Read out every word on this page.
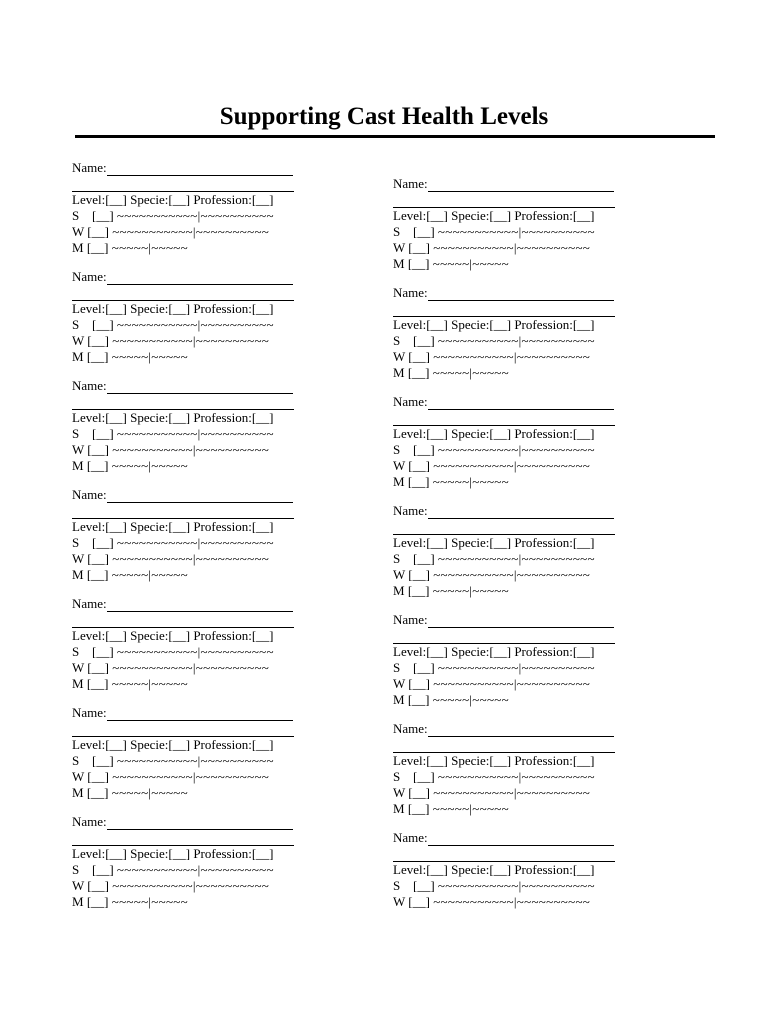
Supporting Cast Health Levels
Name:
Level:[__] Specie:[__] Profession:[__]
S [__] ~~~~~~~~~~~|~~~~~~~~~~
W [__] ~~~~~~~~~~~|~~~~~~~~~~
M [__] ~~~~~|~~~~~
Name:
Level:[__] Specie:[__] Profession:[__]
S [__] ~~~~~~~~~~~|~~~~~~~~~~
W [__] ~~~~~~~~~~~|~~~~~~~~~~
M [__] ~~~~~|~~~~~
Name:
Level:[__] Specie:[__] Profession:[__]
S [__] ~~~~~~~~~~~|~~~~~~~~~~
W [__] ~~~~~~~~~~~|~~~~~~~~~~
M [__] ~~~~~|~~~~~
Name:
Level:[__] Specie:[__] Profession:[__]
S [__] ~~~~~~~~~~~|~~~~~~~~~~
W [__] ~~~~~~~~~~~|~~~~~~~~~~
M [__] ~~~~~|~~~~~
Name:
Level:[__] Specie:[__] Profession:[__]
S [__] ~~~~~~~~~~~|~~~~~~~~~~
W [__] ~~~~~~~~~~~|~~~~~~~~~~
M [__] ~~~~~|~~~~~
Name:
Level:[__] Specie:[__] Profession:[__]
S [__] ~~~~~~~~~~~|~~~~~~~~~~
W [__] ~~~~~~~~~~~|~~~~~~~~~~
M [__] ~~~~~|~~~~~
Name:
Level:[__] Specie:[__] Profession:[__]
S [__] ~~~~~~~~~~~|~~~~~~~~~~
W [__] ~~~~~~~~~~~|~~~~~~~~~~
M [__] ~~~~~|~~~~~
Name:
Level:[__] Specie:[__] Profession:[__]
S [__] ~~~~~~~~~~~|~~~~~~~~~~
W [__] ~~~~~~~~~~~|~~~~~~~~~~
M [__] ~~~~~|~~~~~
Name:
Level:[__] Specie:[__] Profession:[__]
S [__] ~~~~~~~~~~~|~~~~~~~~~~
W [__] ~~~~~~~~~~~|~~~~~~~~~~
M [__] ~~~~~|~~~~~
Name:
Level:[__] Specie:[__] Profession:[__]
S [__] ~~~~~~~~~~~|~~~~~~~~~~
W [__] ~~~~~~~~~~~|~~~~~~~~~~
M [__] ~~~~~|~~~~~
Name:
Level:[__] Specie:[__] Profession:[__]
S [__] ~~~~~~~~~~~|~~~~~~~~~~
W [__] ~~~~~~~~~~~|~~~~~~~~~~
M [__] ~~~~~|~~~~~
Name:
Level:[__] Specie:[__] Profession:[__]
S [__] ~~~~~~~~~~~|~~~~~~~~~~
W [__] ~~~~~~~~~~~|~~~~~~~~~~
M [__] ~~~~~|~~~~~
Name:
Level:[__] Specie:[__] Profession:[__]
S [__] ~~~~~~~~~~~|~~~~~~~~~~
W [__] ~~~~~~~~~~~|~~~~~~~~~~
M [__] ~~~~~|~~~~~
Name:
Level:[__] Specie:[__] Profession:[__]
S [__] ~~~~~~~~~~~|~~~~~~~~~~
W [__] ~~~~~~~~~~~|~~~~~~~~~~
